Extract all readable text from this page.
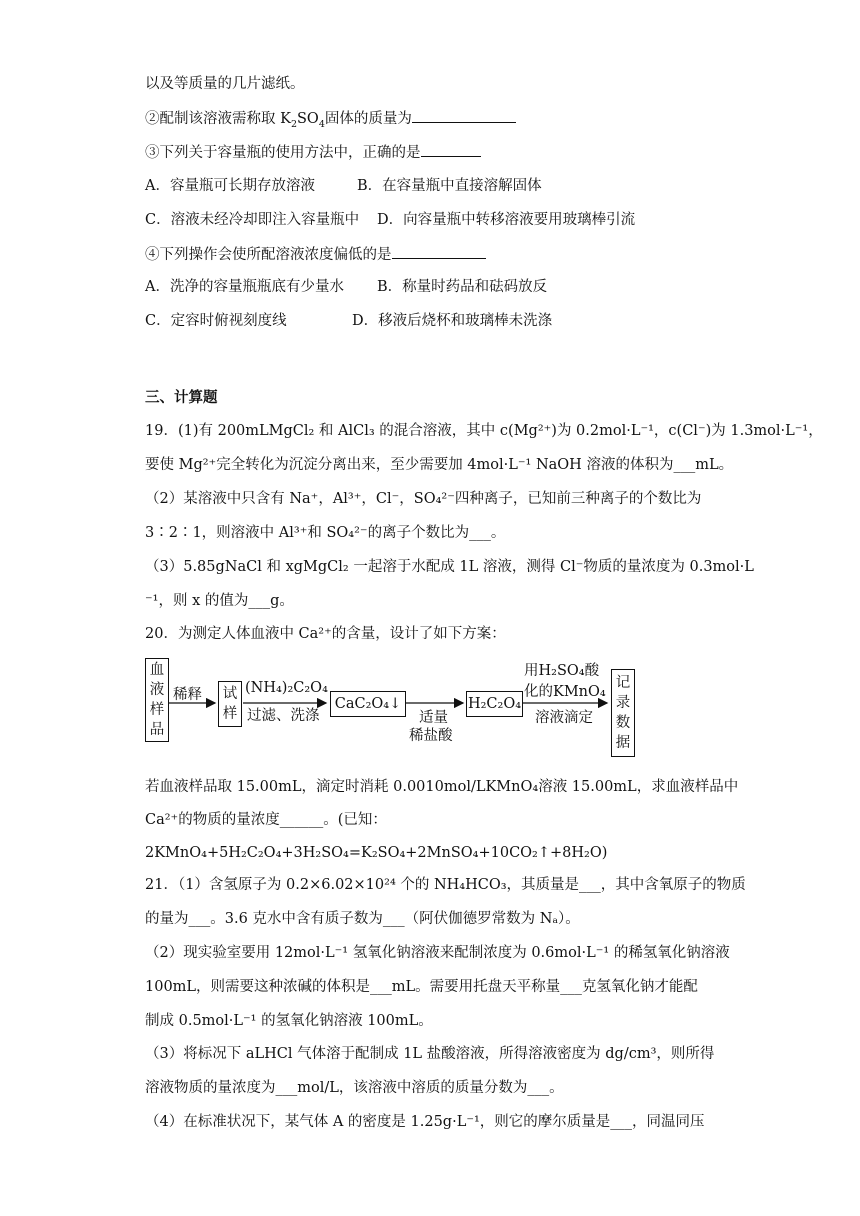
以及等质量的几片滤纸。
②配制该溶液需称取 $K_2SO_4$固体的质量为
③下列关于容量瓶的使用方法中，正确的是
A．容量瓶可长期存放溶液	B．在容量瓶中直接溶解固体
C．溶液未经冷却即注入容量瓶中 D．向容量瓶中转移溶液要用玻璃棒引流
④下列操作会使所配溶液浓度偏低的是
A．洗净的容量瓶瓶底有少量水 B．称量时药品和砝码放反
C．定容时俯视刻度线	D．移液后烧杯和玻璃棒未洗涤
三、计算题
19．(1)有 200mLMgCl₂ 和 AlCl₃ 的混合溶液，其中 c(Mg²⁺)为 0.2mol·L⁻¹，c(Cl⁻)为 1.3mol·L⁻¹，
要使 Mg²⁺完全转化为沉淀分离出来，至少需要加 4mol·L⁻¹ NaOH 溶液的体积为___mL。
（2）某溶液中只含有 Na⁺，Al³⁺，Cl⁻，SO₄²⁻四种离子，已知前三种离子的个数比为
3∶2∶1，则溶液中 Al³⁺和 SO₄²⁻的离子个数比为___。
（3）5.85gNaCl 和 xgMgCl₂ 一起溶于水配成 1L 溶液，测得 Cl⁻物质的量浓度为 0.3mol·L
⁻¹，则 x 的值为___g。
20．为测定人体血液中 Ca²⁺的含量，设计了如下方案：
血
液
样
品
稀释 试
样
(NH₄)₂C₂O₄
过滤、洗涤
CaC₂O₄↓
适量
稀盐酸
H₂C₂O₄
用H₂SO₄酸
化的KMnO₄
溶液滴定
记
录
数
据
若血液样品取 15.00mL，滴定时消耗 0.0010mol/LKMnO₄溶液 15.00mL，求血液样品中
Ca²⁺的物质的量浓度______。(已知：
2KMnO₄+5H₂C₂O₄+3H₂SO₄=K₂SO₄+2MnSO₄+10CO₂↑+8H₂O)
21．（1）含氢原子为 0.2×6.02×10²⁴ 个的 NH₄HCO₃，其质量是___，其中含氧原子的物质
的量为___。3.6 克水中含有质子数为___（阿伏伽德罗常数为 Nₐ）。
（2）现实验室要用 12mol·L⁻¹ 氢氧化钠溶液来配制浓度为 0.6mol·L⁻¹ 的稀氢氧化钠溶液
100mL，则需要这种浓碱的体积是___mL。需要用托盘天平称量___克氢氧化钠才能配
制成 0.5mol·L⁻¹ 的氢氧化钠溶液 100mL。
（3）将标况下 aLHCl 气体溶于配制成 1L 盐酸溶液，所得溶液密度为 dg/cm³，则所得
溶液物质的量浓度为___mol/L，该溶液中溶质的质量分数为___。
（4）在标准状况下，某气体 A 的密度是 1.25g·L⁻¹，则它的摩尔质量是___，同温同压
